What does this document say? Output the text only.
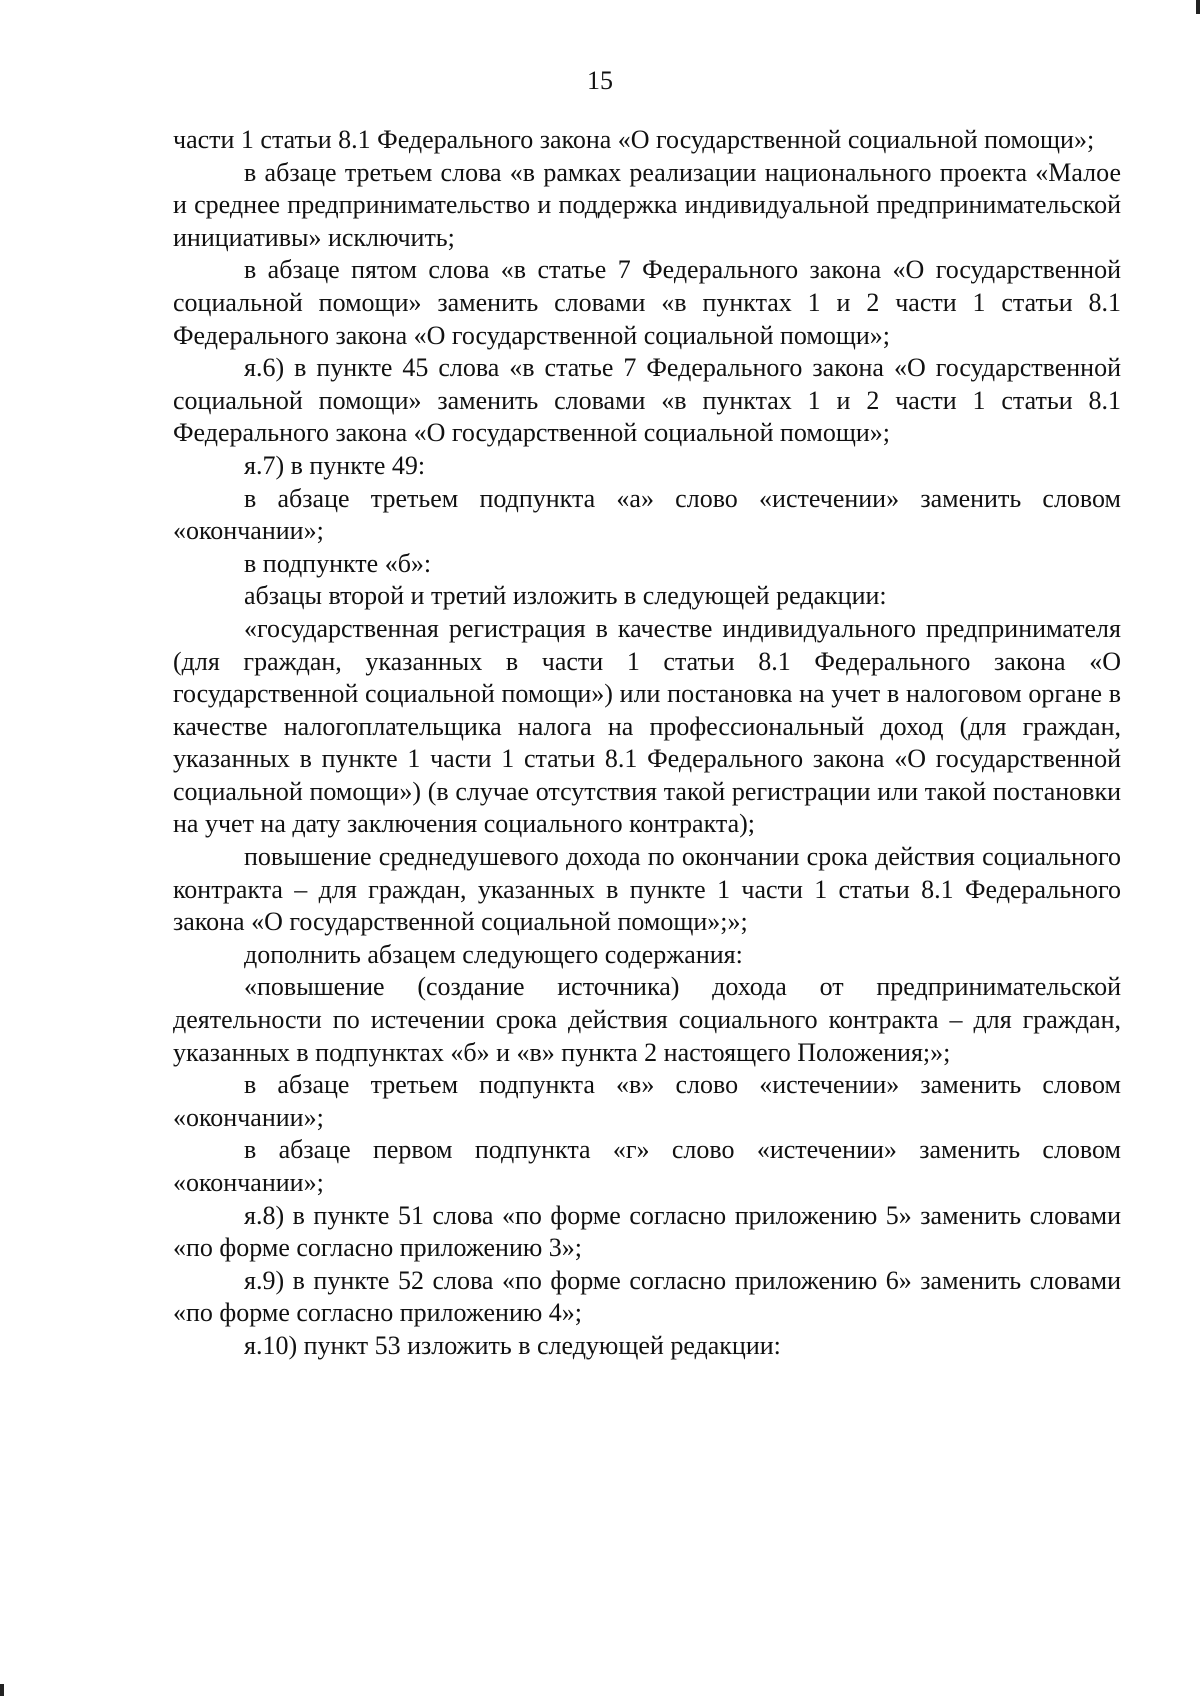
15

части 1 статьи 8.1 Федерального закона «О государственной социальной помощи»;

в абзаце третьем слова «в рамках реализации национального проекта «Малое и среднее предпринимательство и поддержка индивидуальной предпринимательской инициативы» исключить;

в абзаце пятом слова «в статье 7 Федерального закона «О государственной социальной помощи» заменить словами «в пунктах 1 и 2 части 1 статьи 8.1 Федерального закона «О государственной социальной помощи»;

я.6) в пункте 45 слова «в статье 7 Федерального закона «О государственной социальной помощи» заменить словами «в пунктах 1 и 2 части 1 статьи 8.1 Федерального закона «О государственной социальной помощи»;

я.7) в пункте 49:

в абзаце третьем подпункта «а» слово «истечении» заменить словом «окончании»;

в подпункте «б»:

абзацы второй и третий изложить в следующей редакции:

«государственная регистрация в качестве индивидуального предпринимателя (для граждан, указанных в части 1 статьи 8.1 Федерального закона «О государственной социальной помощи») или постановка на учет в налоговом органе в качестве налогоплательщика налога на профессиональный доход (для граждан, указанных в пункте 1 части 1 статьи 8.1 Федерального закона «О государственной социальной помощи») (в случае отсутствия такой регистрации или такой постановки на учет на дату заключения социального контракта);

повышение среднедушевого дохода по окончании срока действия социального контракта – для граждан, указанных в пункте 1 части 1 статьи 8.1 Федерального закона «О государственной социальной помощи»;»;

дополнить абзацем следующего содержания:

«повышение (создание источника) дохода от предпринимательской деятельности по истечении срока действия социального контракта – для граждан, указанных в подпунктах «б» и «в» пункта 2 настоящего Положения;»;

в абзаце третьем подпункта «в» слово «истечении» заменить словом «окончании»;

в абзаце первом подпункта «г» слово «истечении» заменить словом «окончании»;

я.8) в пункте 51 слова «по форме согласно приложению 5» заменить словами «по форме согласно приложению 3»;

я.9) в пункте 52 слова «по форме согласно приложению 6» заменить словами «по форме согласно приложению 4»;

я.10) пункт 53 изложить в следующей редакции:
